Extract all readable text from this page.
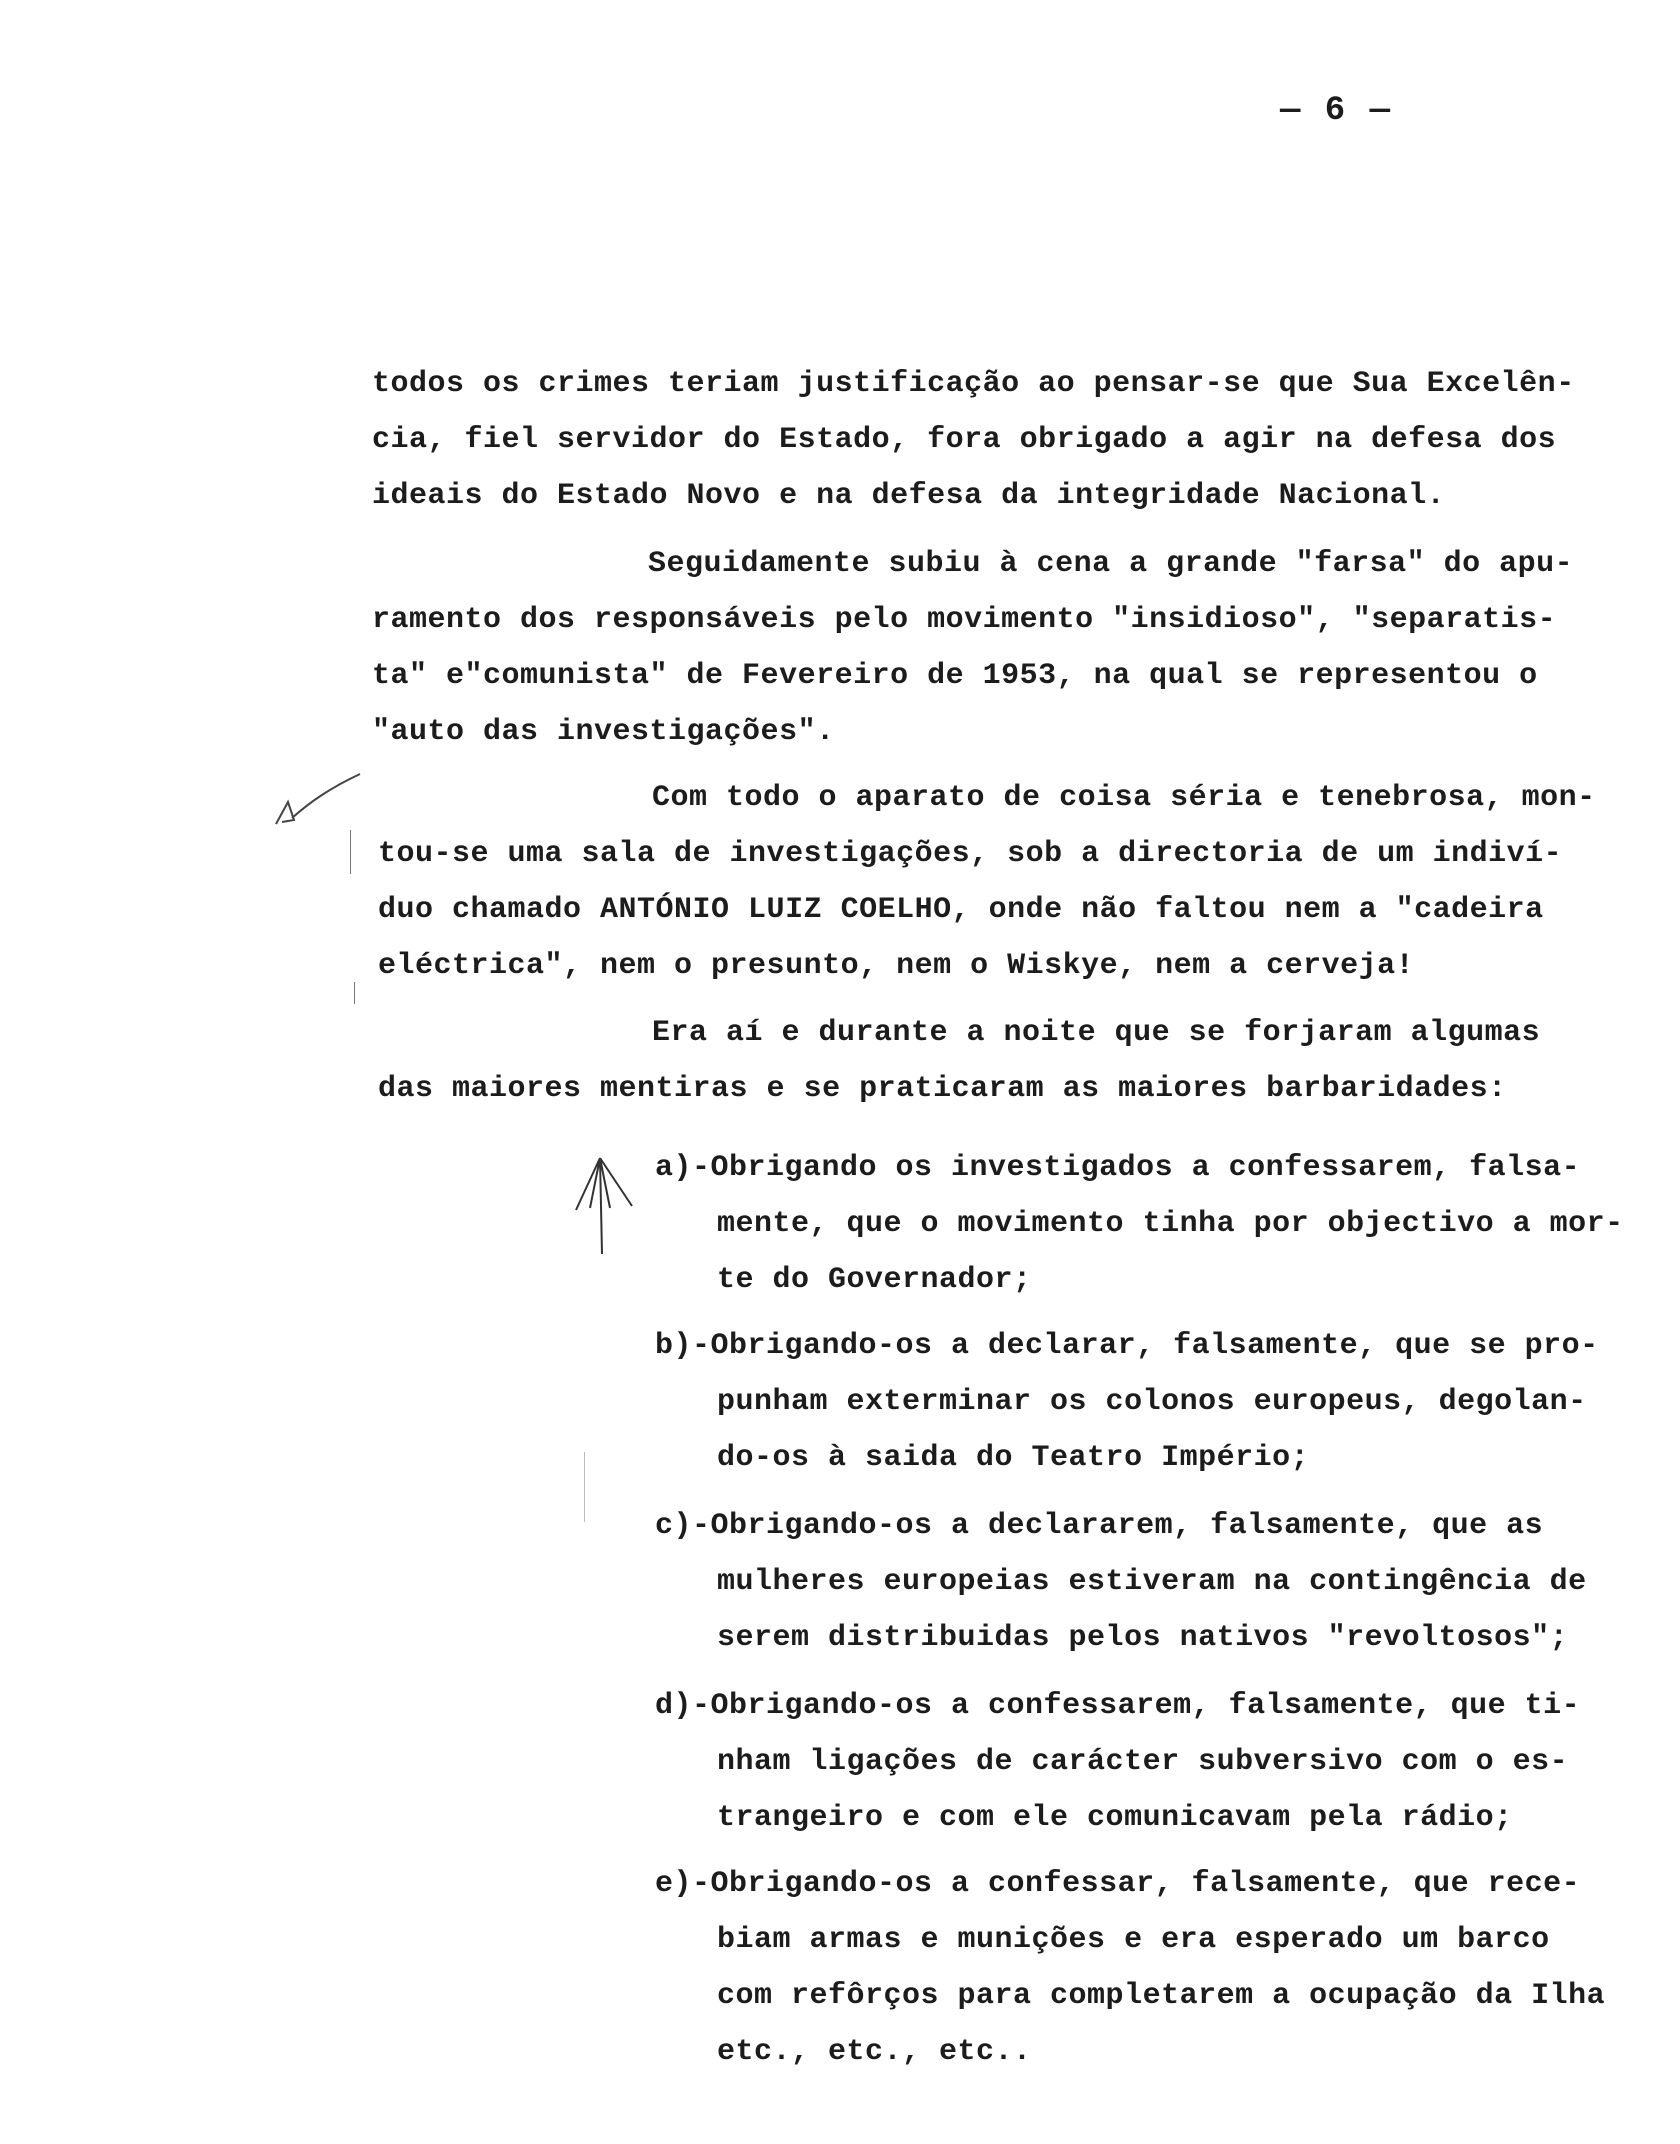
— 6 —

todos os crimes teriam justificação ao pensar-se que Sua Excelên-

cia, fiel servidor do Estado, fora obrigado a agir na defesa dos

ideais do Estado Novo e na defesa da integridade Nacional.

Seguidamente subiu à cena a grande "farsa" do apu-

ramento dos responsáveis pelo movimento "insidioso", "separatis-

ta" e"comunista" de Fevereiro de 1953, na qual se representou o

"auto das investigações".

Com todo o aparato de coisa séria e tenebrosa, mon-

tou-se uma sala de investigações, sob a directoria de um indiví-

duo chamado ANTÓNIO LUIZ COELHO, onde não faltou nem a "cadeira

eléctrica", nem o presunto, nem o Wiskye, nem a cerveja!

Era aí e durante a noite que se forjaram algumas

das maiores mentiras e se praticaram as maiores barbaridades:

a)-Obrigando os investigados a confessarem, falsa-

mente, que o movimento tinha por objectivo a mor-

te do Governador;

b)-Obrigando-os a declarar, falsamente, que se pro-

punham exterminar os colonos europeus, degolan-

do-os à saida do Teatro Império;

c)-Obrigando-os a declararem, falsamente, que as

mulheres europeias estiveram na contingência de

serem distribuidas pelos nativos "revoltosos";

d)-Obrigando-os a confessarem, falsamente, que ti-

nham ligações de carácter subversivo com o es-

trangeiro e com ele comunicavam pela rádio;

e)-Obrigando-os a confessar, falsamente, que rece-

biam armas e munições e era esperado um barco

com refôrços para completarem a ocupação da Ilha

etc., etc., etc..
